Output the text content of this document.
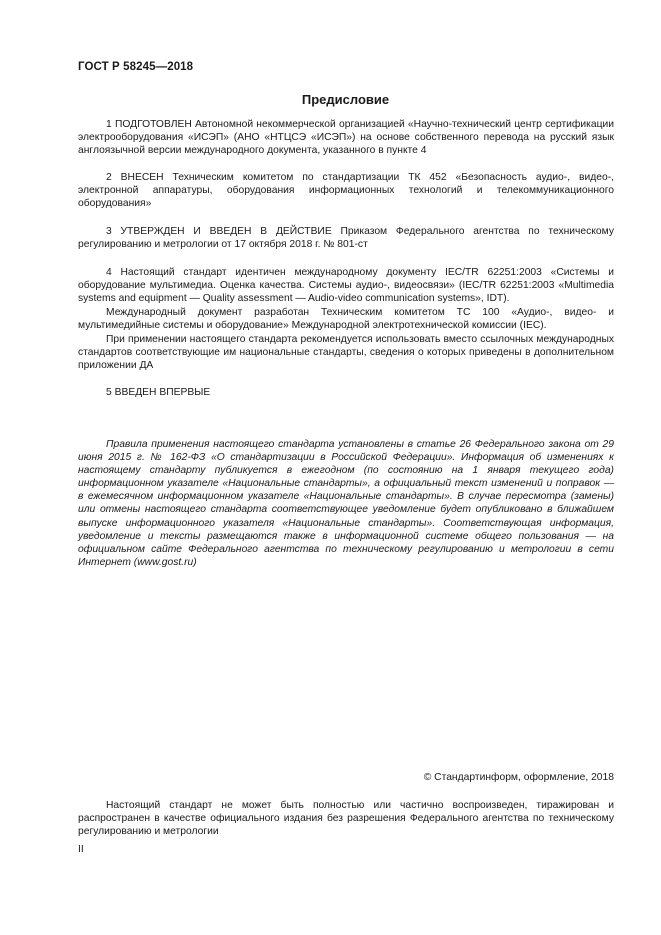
ГОСТ Р 58245—2018
Предисловие

1 ПОДГОТОВЛЕН Автономной некоммерческой организацией «Научно-технический центр сертификации электрооборудования «ИСЭП» (АНО «НТЦСЭ «ИСЭП») на основе собственного перевода на русский язык англоязычной версии международного документа, указанного в пункте 4

2 ВНЕСЕН Техническим комитетом по стандартизации ТК 452 «Безопасность аудио-, видео-, электронной аппаратуры, оборудования информационных технологий и телекоммуникационного оборудования»

3 УТВЕРЖДЕН И ВВЕДЕН В ДЕЙСТВИЕ Приказом Федерального агентства по техническому регулированию и метрологии от 17 октября 2018 г. № 801-ст

4 Настоящий стандарт идентичен международному документу IEC/TR 62251:2003 «Системы и оборудование мультимедиа. Оценка качества. Системы аудио-, видеосвязи» (IEC/TR 62251:2003 «Multimedia systems and equipment — Quality assessment — Audio-video communication systems», IDT).

Международный документ разработан Техническим комитетом ТС 100 «Аудио-, видео- и мультимедийные системы и оборудование» Международной электротехнической комиссии (IEC).

При применении настоящего стандарта рекомендуется использовать вместо ссылочных международных стандартов соответствующие им национальные стандарты, сведения о которых приведены в дополнительном приложении ДА

5 ВВЕДЕН ВПЕРВЫЕ

Правила применения настоящего стандарта установлены в статье 26 Федерального закона от 29 июня 2015 г. № 162-ФЗ «О стандартизации в Российской Федерации». Информация об изменениях к настоящему стандарту публикуется в ежегодном (по состоянию на 1 января текущего года) информационном указателе «Национальные стандарты», а официальный текст изменений и поправок — в ежемесячном информационном указателе «Национальные стандарты». В случае пересмотра (замены) или отмены настоящего стандарта соответствующее уведомление будет опубликовано в ближайшем выпуске информационного указателя «Национальные стандарты». Соответствующая информация, уведомление и тексты размещаются также в информационной системе общего пользования — на официальном сайте Федерального агентства по техническому регулированию и метрологии в сети Интернет (www.gost.ru)

© Стандартинформ, оформление, 2018

Настоящий стандарт не может быть полностью или частично воспроизведен, тиражирован и распространен в качестве официального издания без разрешения Федерального агентства по техническому регулированию и метрологии

II
